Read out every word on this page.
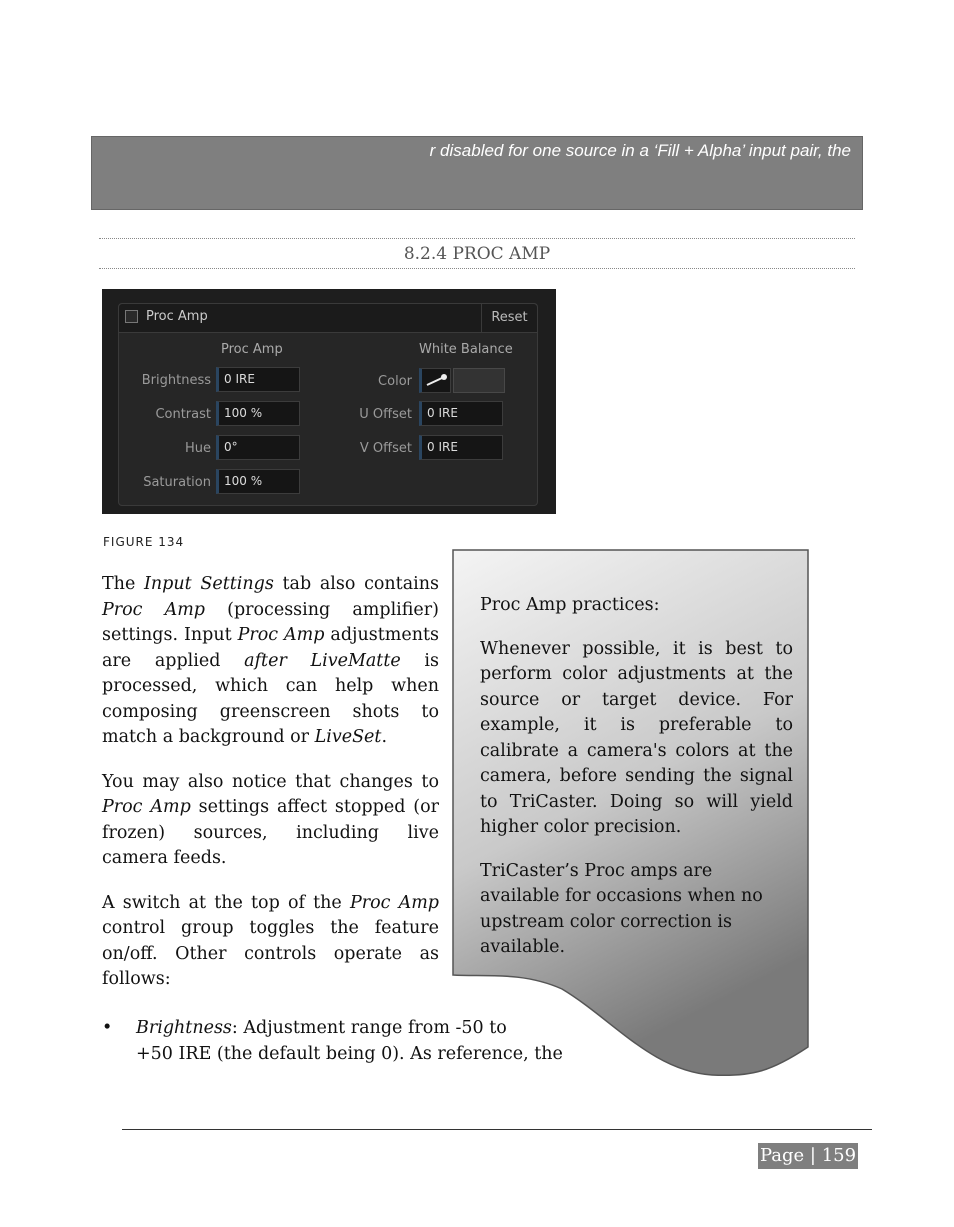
r disabled for one source in a ‘Fill + Alpha’ input pair, the
8.2.4 PROC AMP
Proc Amp	Reset
Proc Amp	White Balance
Brightness	0 IRE
Contrast	100 %
Hue	0°
Saturation	100 %
Color
U Offset	0 IRE
V Offset	0 IRE
FIGURE 134

The Input Settings tab also contains Proc Amp (processing amplifier) settings. Input Proc Amp adjustments are applied after LiveMatte is processed, which can help when composing greenscreen shots to match a background or LiveSet.

You may also notice that changes to Proc Amp settings affect stopped (or frozen) sources, including live camera feeds.

A switch at the top of the Proc Amp control group toggles the feature on/off. Other controls operate as follows:

• Brightness: Adjustment range from -50 to
+50 IRE (the default being 0). As reference, the

Proc Amp practices:

Whenever possible, it is best to perform color adjustments at the source or target device. For example, it is preferable to calibrate a camera's colors at the camera, before sending the signal to TriCaster. Doing so will yield higher color precision.

TriCaster’s Proc amps are available for occasions when no upstream color correction is available.

Page | 159
